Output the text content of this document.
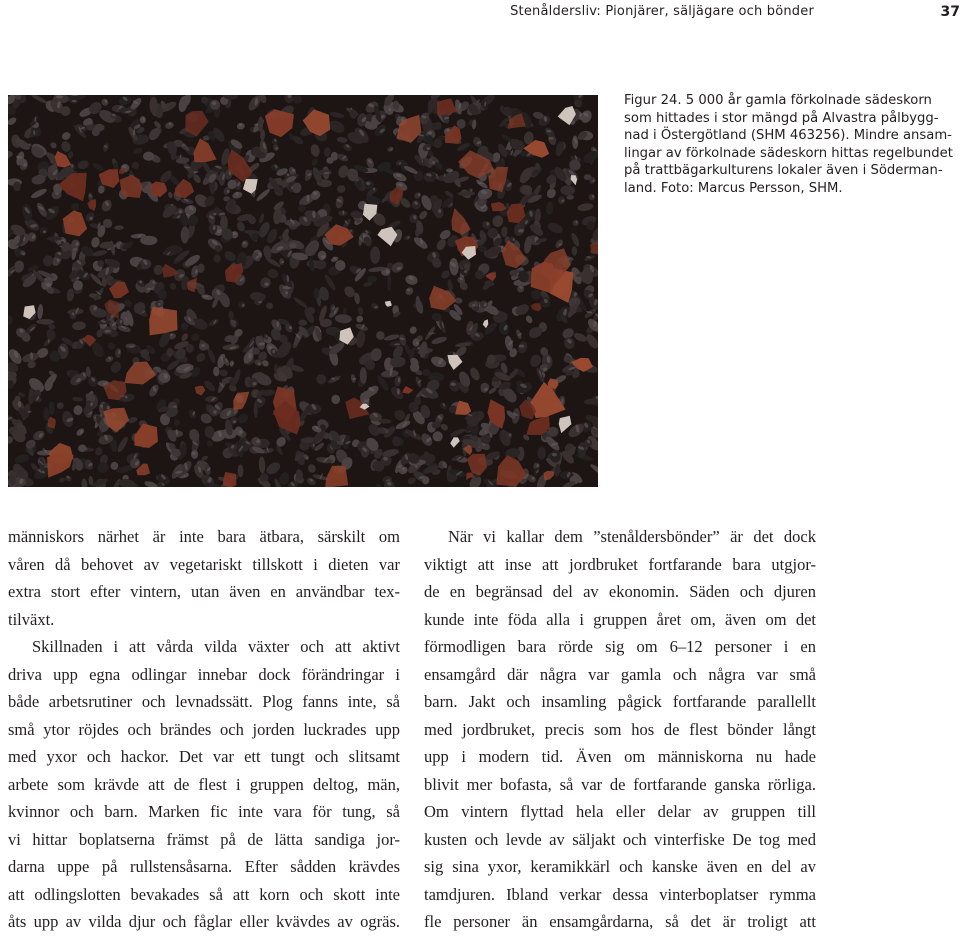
Stenåldersliv: Pionjärer, säljägare och bönder	37
Figur 24. 5 000 år gamla förkolnade sädeskorn
som hittades i stor mängd på Alvastra pålbygg-
nad i Östergötland (SHM 463256). Mindre ansam-
lingar av förkolnade sädeskorn hittas regelbundet
på trattbägarkulturens lokaler även i Söderman-
land. Foto: Marcus Persson, SHM.
människors närhet är inte bara ätbara, särskilt om
våren då behovet av vegetariskt tillskott i dieten var
extra stort efter vintern, utan även en användbar tex-
tilväxt.
Skillnaden i att vårda vilda växter och att aktivt
driva upp egna odlingar innebar dock förändringar i
både arbetsrutiner och levnadssätt. Plog fanns inte, så
små ytor röjdes och brändes och jorden luckrades upp
med yxor och hackor. Det var ett tungt och slitsamt
arbete som krävde att de flest i gruppen deltog, män,
kvinnor och barn. Marken fic inte vara för tung, så
vi hittar boplatserna främst på de lätta sandiga jor-
darna uppe på rullstensåsarna. Efter sådden krävdes
att odlingslotten bevakades så att korn och skott inte
åts upp av vilda djur och fåglar eller kvävdes av ogräs.
När vi kallar dem ”stenåldersbönder” är det dock
viktigt att inse att jordbruket fortfarande bara utgjor-
de en begränsad del av ekonomin. Säden och djuren
kunde inte föda alla i gruppen året om, även om det
förmodligen bara rörde sig om 6–12 personer i en
ensamgård där några var gamla och några var små
barn. Jakt och insamling pågick fortfarande parallellt
med jordbruket, precis som hos de flest bönder långt
upp i modern tid. Även om människorna nu hade
blivit mer bofasta, så var de fortfarande ganska rörliga.
Om vintern flyttad hela eller delar av gruppen till
kusten och levde av säljakt och vinterfiske De tog med
sig sina yxor, keramikkärl och kanske även en del av
tamdjuren. Ibland verkar dessa vinterboplatser rymma
fle personer än ensamgårdarna, så det är troligt att
